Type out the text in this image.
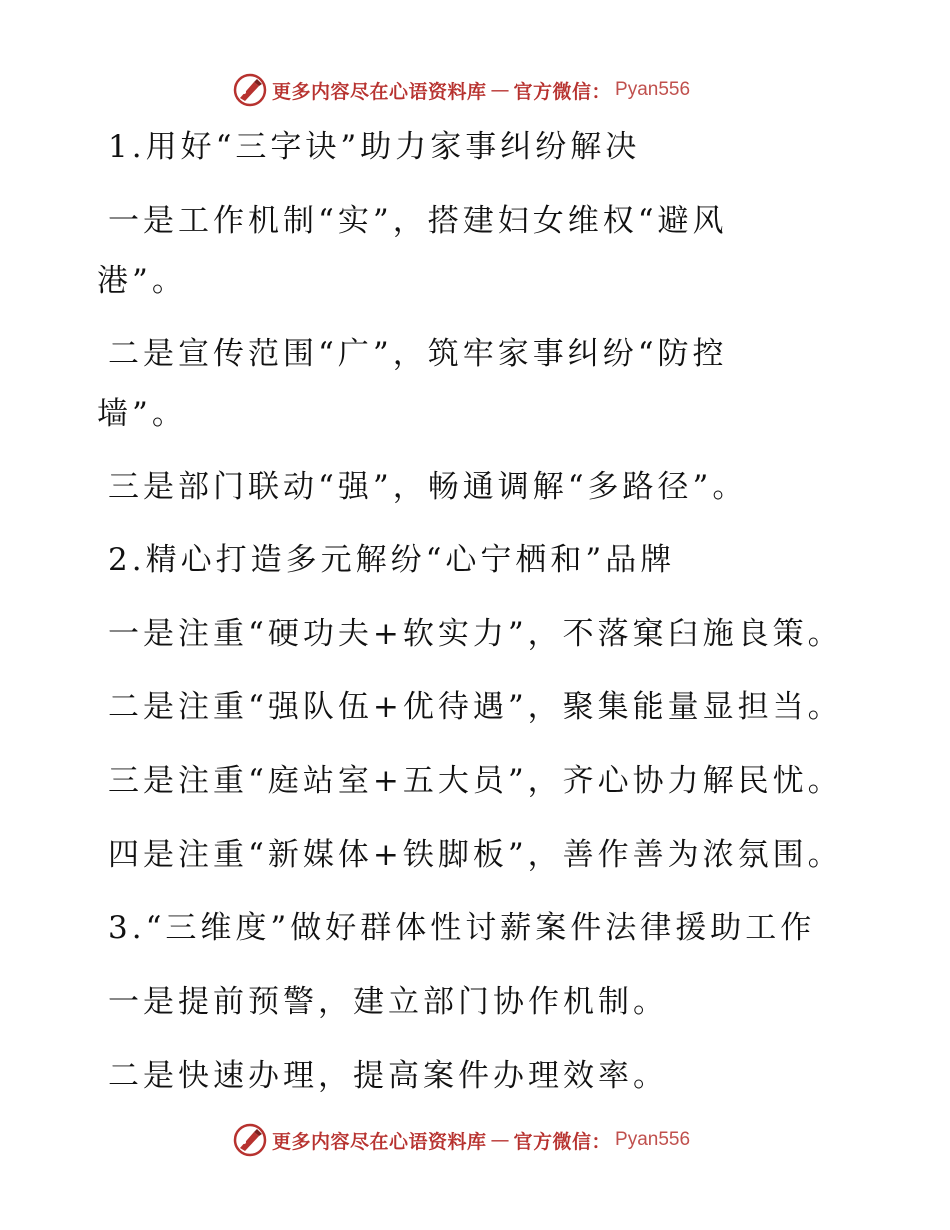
更多内容尽在心语资料库 — 官方微信： Pyan556
1.用好“三字诀”助力家事纠纷解决
一是工作机制“实”，搭建妇女维权“避风
港”。
二是宣传范围“广”，筑牢家事纠纷“防控
墙”。
三是部门联动“强”，畅通调解“多路径”。
2.精心打造多元解纷“心宁栖和”品牌
一是注重“硬功夫+软实力”，不落窠臼施良策。
二是注重“强队伍+优待遇”，聚集能量显担当。
三是注重“庭站室+五大员”，齐心协力解民忧。
四是注重“新媒体+铁脚板”，善作善为浓氛围。
3.“三维度”做好群体性讨薪案件法律援助工作
一是提前预警，建立部门协作机制。
二是快速办理，提高案件办理效率。
更多内容尽在心语资料库 — 官方微信： Pyan556
